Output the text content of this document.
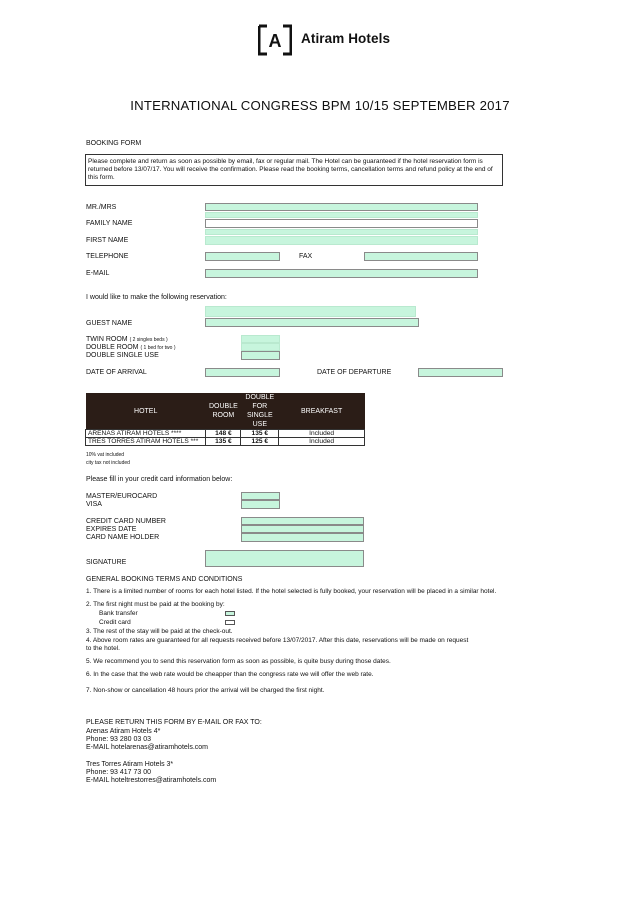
A Atiram Hotels
INTERNATIONAL CONGRESS BPM 10/15 SEPTEMBER 2017
BOOKING FORM
Please complete and return as soon as possible by email, fax or regular mail. The Hotel can be guaranteed if the hotel reservation form is returned before 13/07/17. You will receive the confirmation. Please read the booking terms, cancellation terms and refund policy at the end of this form.
MR./MRS
FAMILY NAME
FIRST NAME
TELEPHONE	FAX
E-MAIL
I would like to make the following reservation:
GUEST NAME
TWIN ROOM ( 2 singles beds )
DOUBLE ROOM ( 1 bed for two )
DOUBLE SINGLE USE
DATE OF ARRIVAL	DATE OF DEPARTURE
HOTEL	DOUBLE ROOM	DOUBLE FOR SINGLE USE	BREAKFAST
ARENAS ATIRAM HOTELS ****	148 €	135 €	Included
TRES TORRES ATIRAM HOTELS ***	135 €	125 €	Included
10% vat included
city tax not included
Please fill in your credit card information below:
MASTER/EUROCARD
VISA
CREDIT CARD NUMBER
EXPIRES DATE
CARD NAME HOLDER
SIGNATURE
GENERAL BOOKING TERMS AND CONDITIONS
1. There is a limited number of rooms for each hotel listed. If the hotel selected is fully booked, your reservation will be placed in a similar hotel.
2. The first night must be paid at the booking by:
Bank transfer
Credit card
3. The rest of the stay will be paid at the check-out.
4. Above room rates are guaranteed for all requests received before 13/07/2017. After this date, reservations will be made on request
to the hotel.
5. We recommend you to send this reservation form as soon as possible, is quite busy during those dates.
6. In the case that the web rate would be cheapper than the congress rate we will offer the web rate.
7. Non-show or cancellation 48 hours prior the arrival will be charged the first night.
PLEASE RETURN THIS FORM BY E-MAIL OR FAX TO:
Arenas Atiram Hotels 4*
Phone: 93 280 03 03
E-MAIL hotelarenas@atiramhotels.com
Tres Torres Atiram Hotels 3*
Phone: 93 417 73 00
E-MAIL hoteltrestorres@atiramhotels.com
